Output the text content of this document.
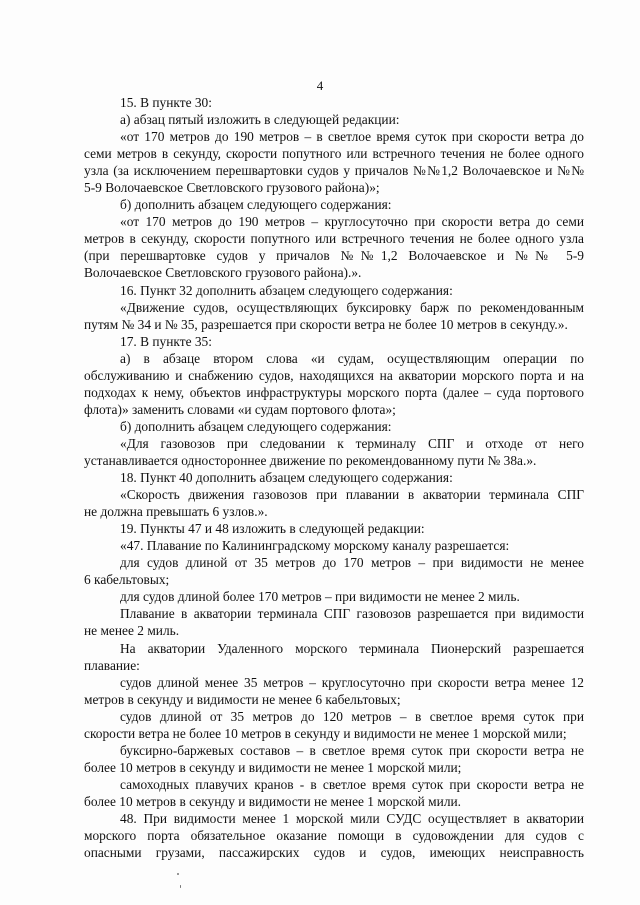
4
15. В пункте 30:
а) абзац пятый изложить в следующей редакции:
«от 170 метров до 190 метров – в светлое время суток при скорости ветра до
семи метров в секунду, скорости попутного или встречного течения не более одного
узла (за исключением перешвартовки судов у причалов №№1,2 Волочаевское и №№
5-9 Волочаевское Светловского грузового района)»;
б) дополнить абзацем следующего содержания:
«от 170 метров до 190 метров – круглосуточно при скорости ветра до семи
метров в секунду, скорости попутного или встречного течения не более одного узла
(при перешвартовке судов у причалов №№1,2 Волочаевское и №№ 5-9
Волочаевское Светловского грузового района).».
16. Пункт 32 дополнить абзацем следующего содержания:
«Движение судов, осуществляющих буксировку барж по рекомендованным
путям № 34 и № 35, разрешается при скорости ветра не более 10 метров в секунду.».
17. В пункте 35:
а) в абзаце втором слова «и судам, осуществляющим операции по
обслуживанию и снабжению судов, находящихся на акватории морского порта и на
подходах к нему, объектов инфраструктуры морского порта (далее – суда портового
флота)» заменить словами «и судам портового флота»;
б) дополнить абзацем следующего содержания:
«Для газовозов при следовании к терминалу СПГ и отходе от него
устанавливается одностороннее движение по рекомендованному пути № 38а.».
18. Пункт 40 дополнить абзацем следующего содержания:
«Скорость движения газовозов при плавании в акватории терминала СПГ
не должна превышать 6 узлов.».
19. Пункты 47 и 48 изложить в следующей редакции:
«47. Плавание по Калининградскому морскому каналу разрешается:
для судов длиной от 35 метров до 170 метров – при видимости не менее
6 кабельтовых;
для судов длиной более 170 метров – при видимости не менее 2 миль.
Плавание в акватории терминала СПГ газовозов разрешается при видимости
не менее 2 миль.
На акватории Удаленного морского терминала Пионерский разрешается
плавание:
судов длиной менее 35 метров – круглосуточно при скорости ветра менее 12
метров в секунду и видимости не менее 6 кабельтовых;
судов длиной от 35 метров до 120 метров – в светлое время суток при
скорости ветра не более 10 метров в секунду и видимости не менее 1 морской мили;
буксирно-баржевых составов – в светлое время суток при скорости ветра не
более 10 метров в секунду и видимости не менее 1 морской мили;
самоходных плавучих кранов - в светлое время суток при скорости ветра не
более 10 метров в секунду и видимости не менее 1 морской мили.
48. При видимости менее 1 морской мили СУДС осуществляет в акватории
морского порта обязательное оказание помощи в судовождении для судов с
опасными грузами, пассажирских судов и судов, имеющих неисправность
